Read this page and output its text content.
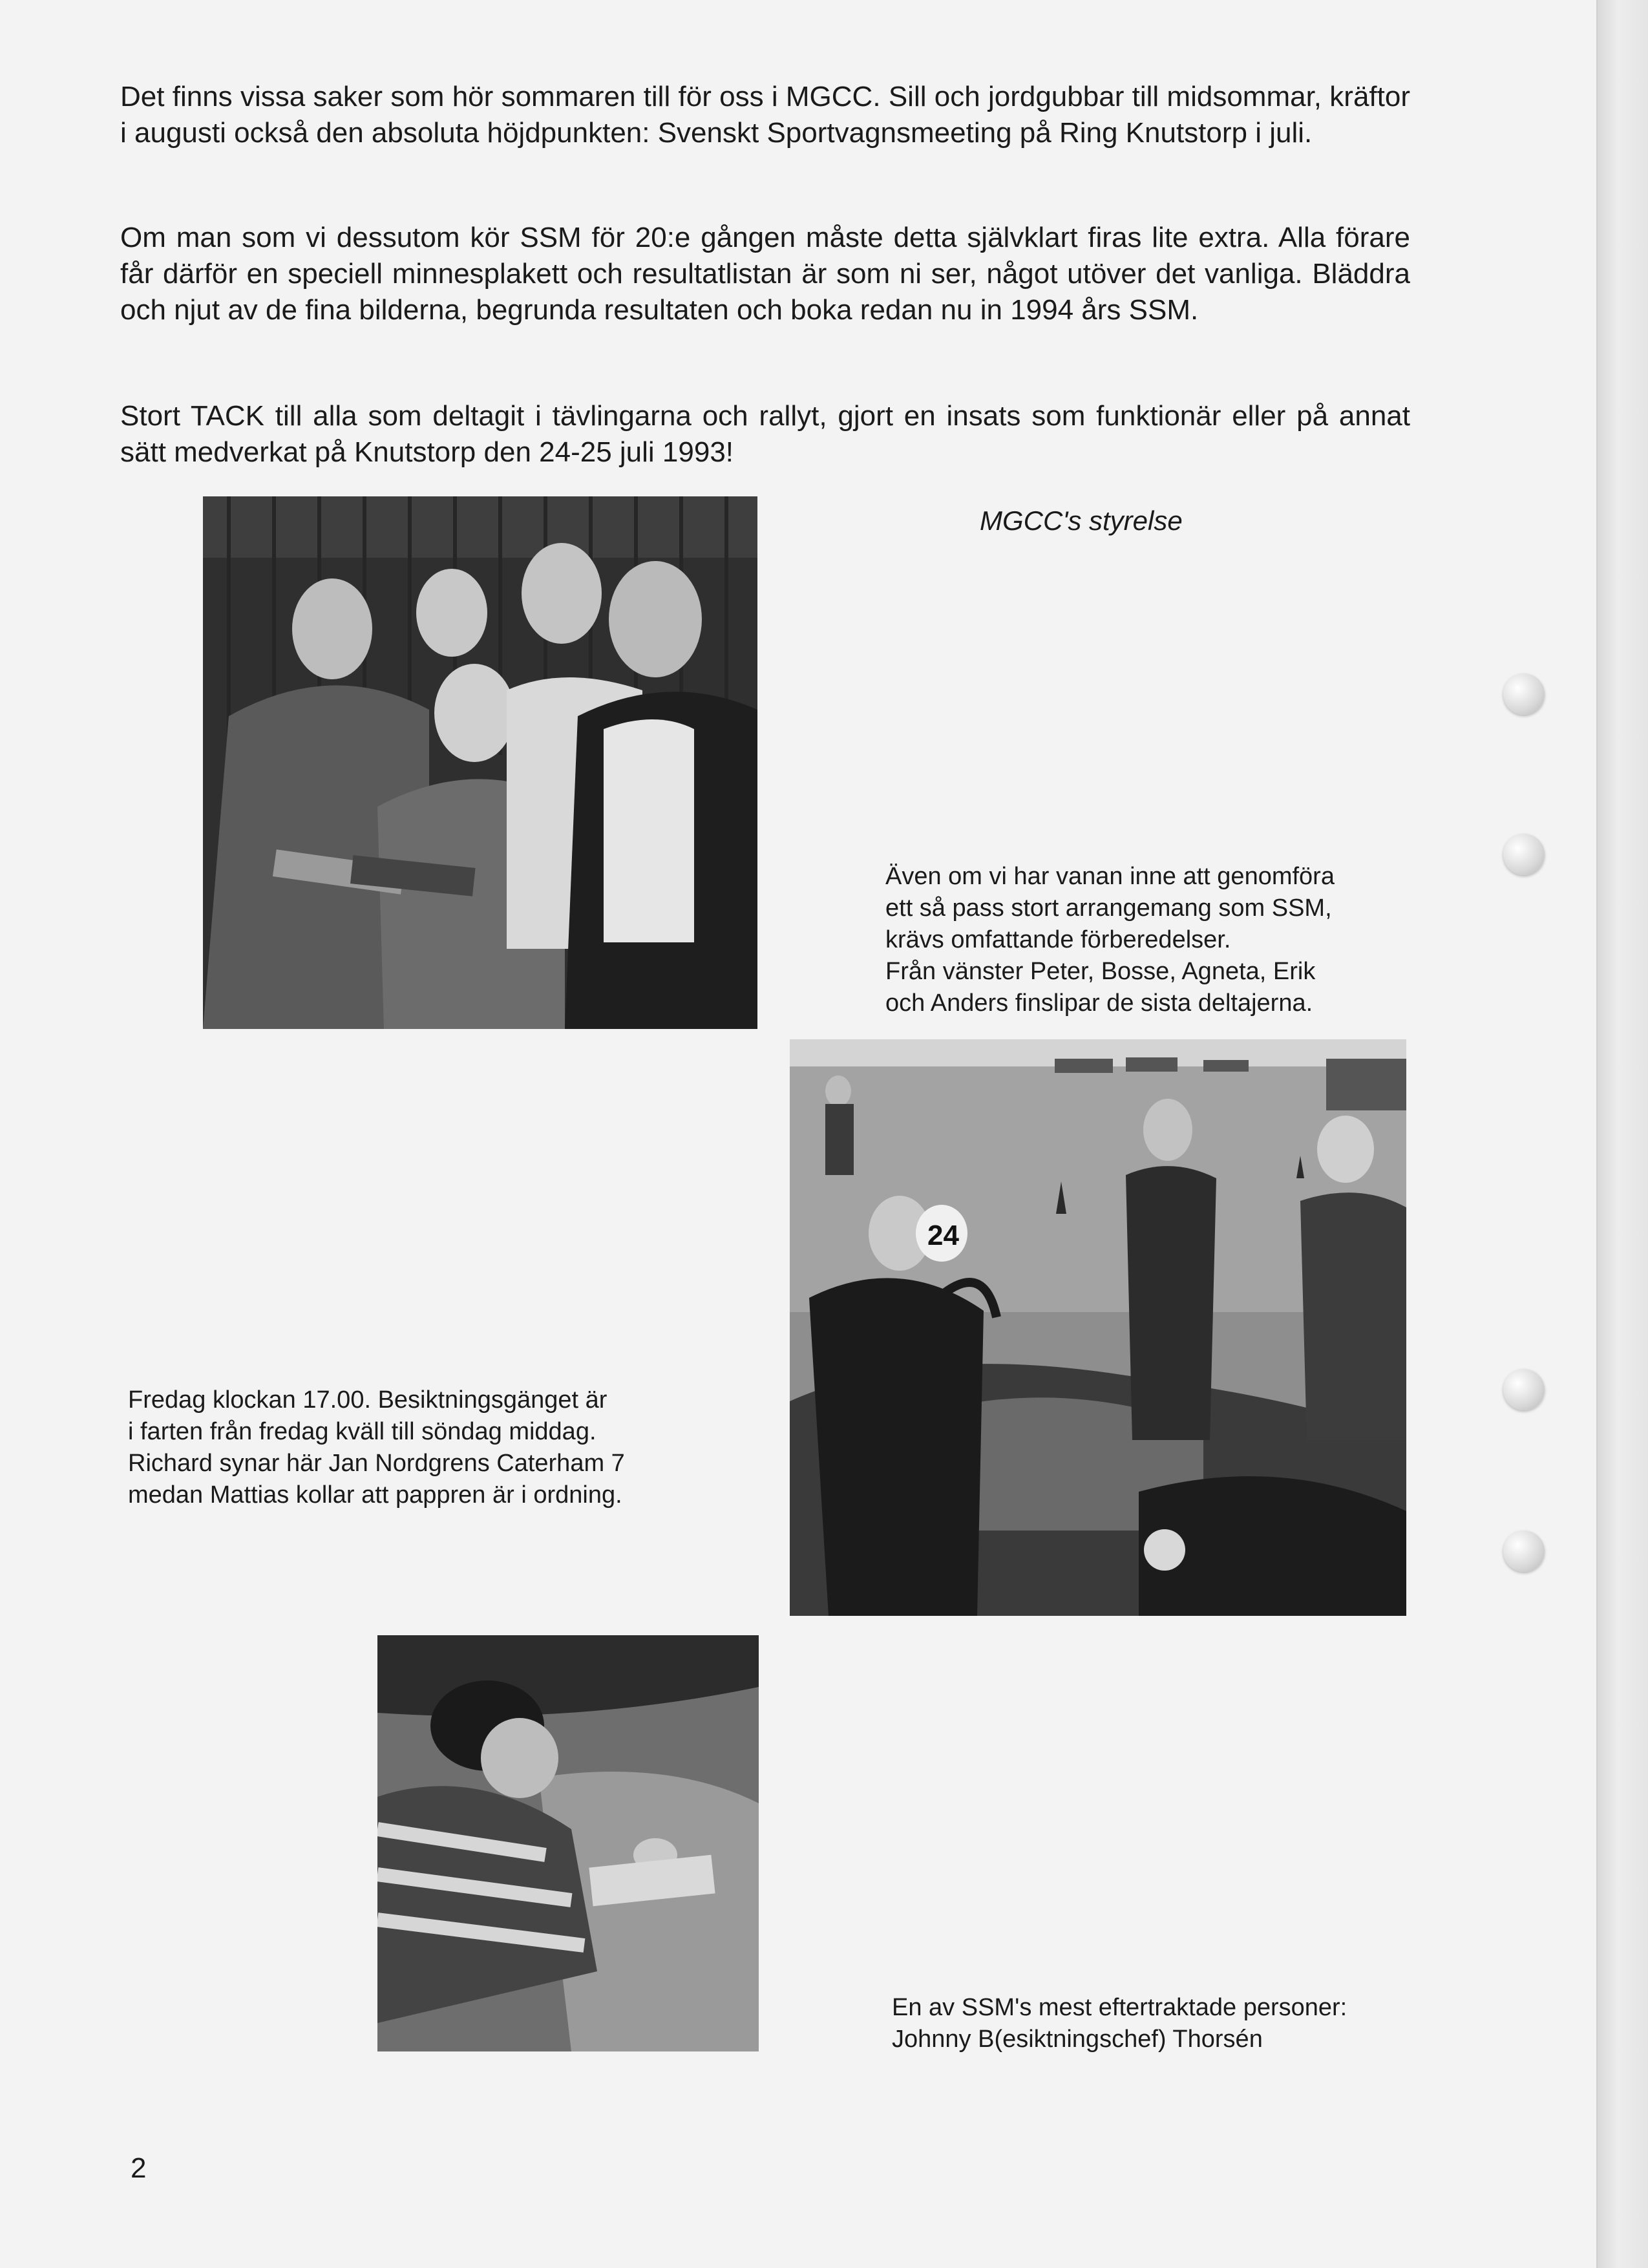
Det finns vissa saker som hör sommaren till för oss i MGCC. Sill och jordgubbar till midsommar, kräftor i augusti också den absoluta höjdpunkten: Svenskt Sportvagnsmeeting på Ring Knutstorp i juli.

Om man som vi dessutom kör SSM för 20:e gången måste detta självklart firas lite extra. Alla förare får därför en speciell minnesplakett och resultatlistan är som ni ser, något utöver det vanliga. Bläddra och njut av de fina bilderna, begrunda resultaten och boka redan nu in 1994 års SSM.

Stort TACK till alla som deltagit i tävlingarna och rallyt, gjort en insats som funktionär eller på annat sätt medverkat på Knutstorp den 24-25 juli 1993!

MGCC's styrelse

Även om vi har vanan inne att genomföra
ett så pass stort arrangemang som SSM,
krävs omfattande förberedelser.
Från vänster Peter, Bosse, Agneta, Erik
och Anders finslipar de sista deltajerna.
24
Fredag klockan 17.00. Besiktningsgänget är
i farten från fredag kväll till söndag middag.
Richard synar här Jan Nordgrens Caterham 7
medan Mattias kollar att pappren är i ordning.
En av SSM's mest eftertraktade personer:
Johnny B(esiktningschef) Thorsén

2
